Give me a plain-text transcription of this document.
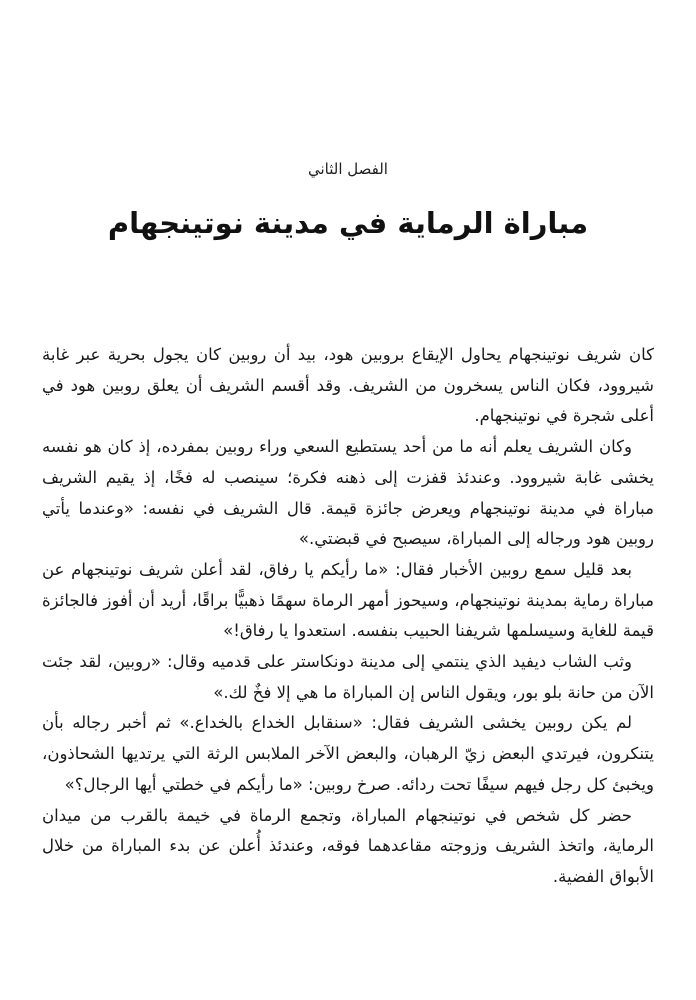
الفصل الثاني
مباراة الرماية في مدينة نوتينجهام

كان شريف نوتينجهام يحاول الإيقاع بروبين هود، بيد أن روبين كان يجول بحرية عبر غابة شيروود، فكان الناس يسخرون من الشريف. وقد أقسم الشريف أن يعلق روبين هود في أعلى شجرة في نوتينجهام.

وكان الشريف يعلم أنه ما من أحد يستطيع السعي وراء روبين بمفرده، إذ كان هو نفسه يخشى غابة شيروود. وعندئذ قفزت إلى ذهنه فكرة؛ سينصب له فخًا، إذ يقيم الشريف مباراة في مدينة نوتينجهام ويعرض جائزة قيمة. قال الشريف في نفسه: «وعندما يأتي روبين هود ورجاله إلى المباراة، سيصبح في قبضتي.»

بعد قليل سمع روبين الأخبار فقال: «ما رأيكم يا رفاق، لقد أعلن شريف نوتينجهام عن مباراة رماية بمدينة نوتينجهام، وسيحوز أمهر الرماة سهمًا ذهبيًّا براقًا، أريد أن أفوز فالجائزة قيمة للغاية وسيسلمها شريفنا الحبيب بنفسه. استعدوا يا رفاق!»

وثب الشاب ديفيد الذي ينتمي إلى مدينة دونكاستر على قدميه وقال: «روبين، لقد جئت الآن من حانة بلو بور، ويقول الناس إن المباراة ما هي إلا فخٌ لك.»

لم يكن روبين يخشى الشريف فقال: «سنقابل الخداع بالخداع.» ثم أخبر رجاله بأن يتنكرون، فيرتدي البعض زيّ الرهبان، والبعض الآخر الملابس الرثة التي يرتديها الشحاذون، ويخبئ كل رجل فيهم سيفًا تحت ردائه. صرخ روبين: «ما رأيكم في خطتي أيها الرجال؟»

حضر كل شخص في نوتينجهام المباراة، وتجمع الرماة في خيمة بالقرب من ميدان الرماية، واتخذ الشريف وزوجته مقاعدهما فوقه، وعندئذ أُعلن عن بدء المباراة من خلال الأبواق الفضية.
